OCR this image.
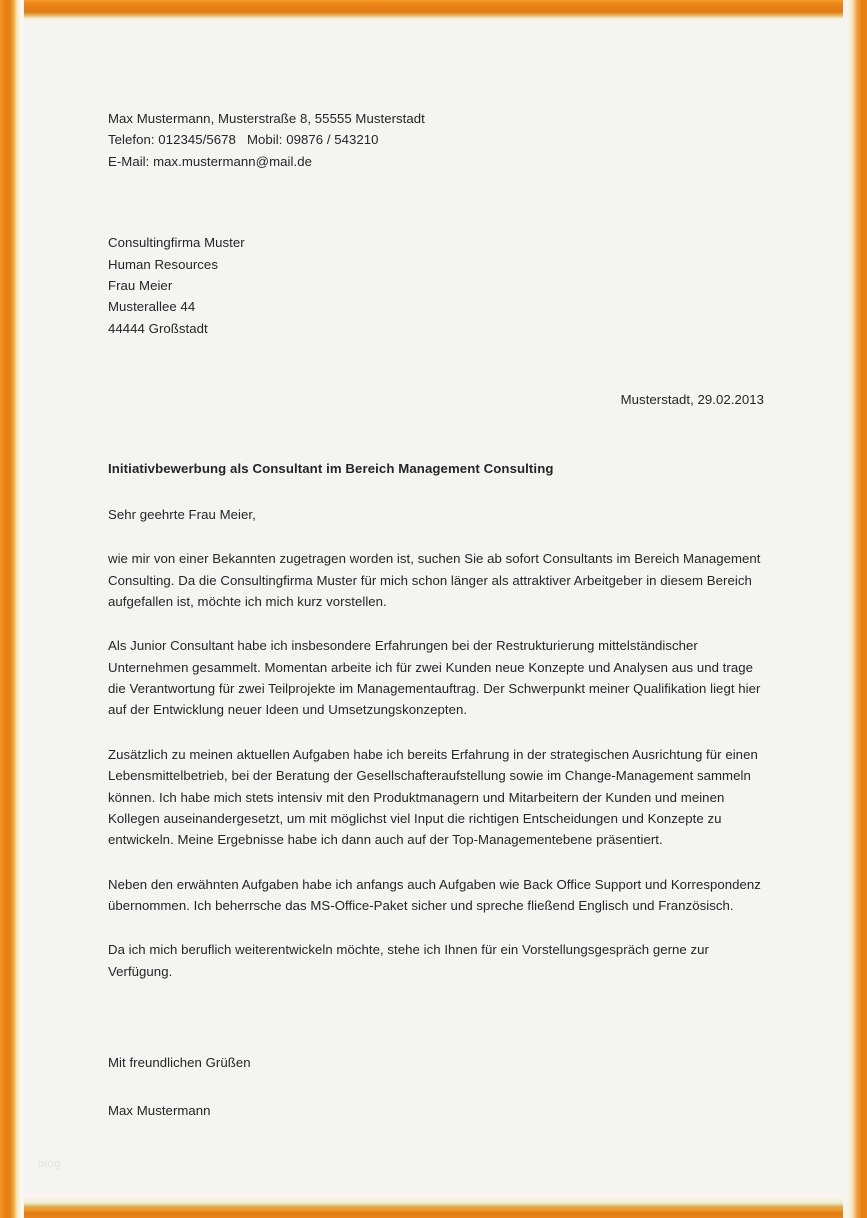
Max Mustermann, Musterstraße 8, 55555 Musterstadt
Telefon: 012345/5678   Mobil: 09876 / 543210
E-Mail: max.mustermann@mail.de
Consultingfirma Muster
Human Resources
Frau Meier
Musterallee 44
44444 Großstadt
Musterstadt, 29.02.2013
Initiativbewerbung als Consultant im Bereich Management Consulting
Sehr geehrte Frau Meier,

wie mir von einer Bekannten zugetragen worden ist, suchen Sie ab sofort Consultants im Bereich Management Consulting. Da die Consultingfirma Muster für mich schon länger als attraktiver Arbeitgeber in diesem Bereich aufgefallen ist, möchte ich mich kurz vorstellen.

Als Junior Consultant habe ich insbesondere Erfahrungen bei der Restrukturierung mittelständischer Unternehmen gesammelt. Momentan arbeite ich für zwei Kunden neue Konzepte und Analysen aus und trage die Verantwortung für zwei Teilprojekte im Managementauftrag. Der Schwerpunkt meiner Qualifikation liegt hier auf der Entwicklung neuer Ideen und Umsetzungskonzepten.

Zusätzlich zu meinen aktuellen Aufgaben habe ich bereits Erfahrung in der strategischen Ausrichtung für einen Lebensmittelbetrieb, bei der Beratung der Gesellschafteraufstellung sowie im Change-Management sammeln können. Ich habe mich stets intensiv mit den Produktmanagern und Mitarbeitern der Kunden und meinen Kollegen auseinandergesetzt, um mit möglichst viel Input die richtigen Entscheidungen und Konzepte zu entwickeln. Meine Ergebnisse habe ich dann auch auf der Top-Managementebene präsentiert.

Neben den erwähnten Aufgaben habe ich anfangs auch Aufgaben wie Back Office Support und Korrespondenz übernommen. Ich beherrsche das MS-Office-Paket sicher und spreche fließend Englisch und Französisch.

Da ich mich beruflich weiterentwickeln möchte, stehe ich Ihnen für ein Vorstellungsgespräch gerne zur Verfügung.

Mit freundlichen Grüßen
Max Mustermann
blog
